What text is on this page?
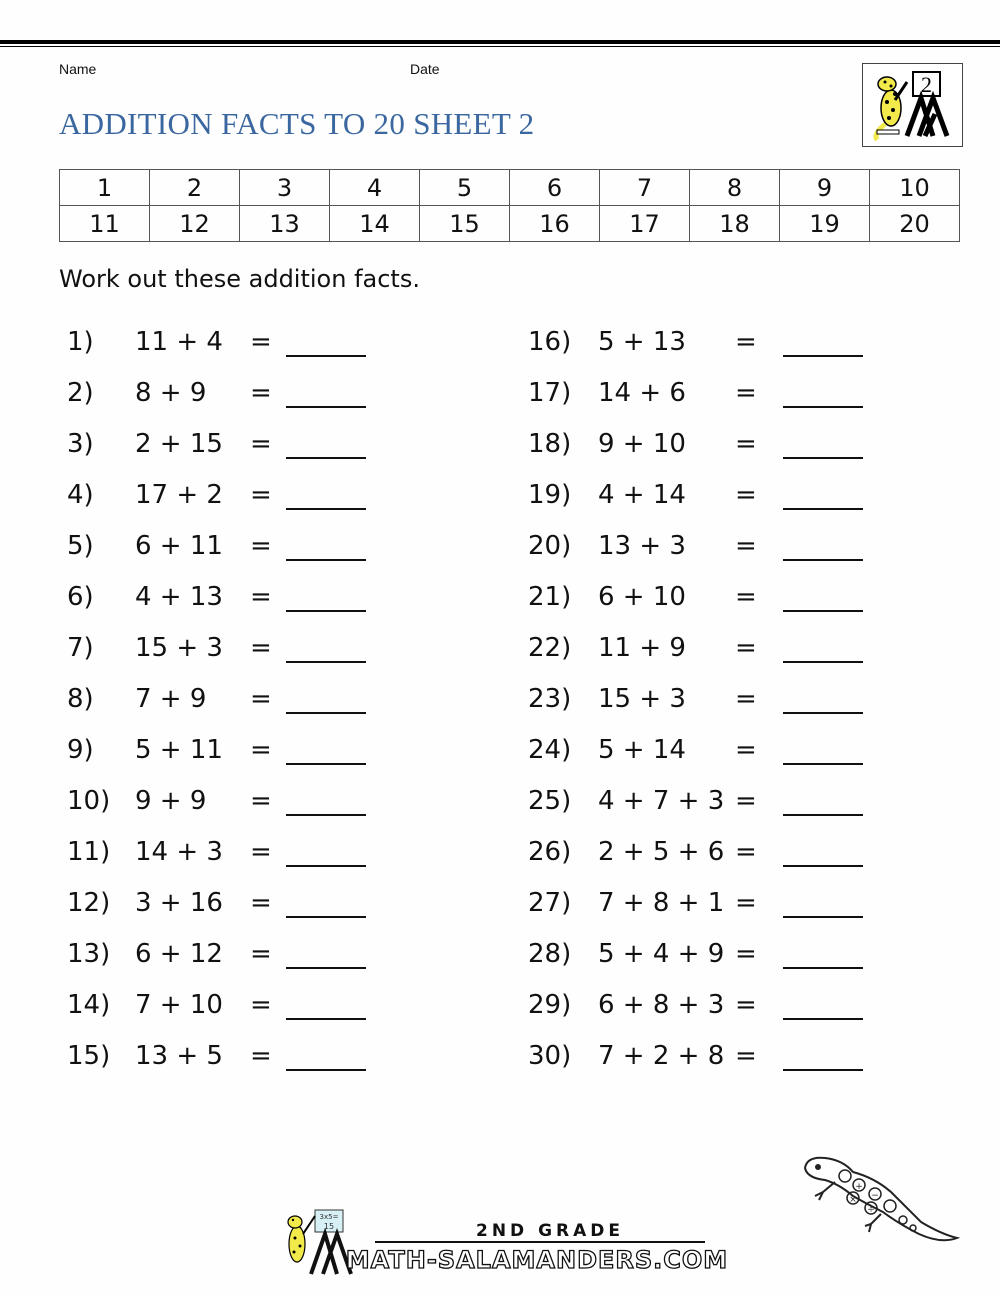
Name	Date
ADDITION FACTS TO 20 SHEET 2
2
1	2	3	4	5	6	7	8	9	10
11	12	13	14	15	16	17	18	19	20
Work out these addition facts.
1) 11 + 4 =
2) 8 + 9 =
3) 2 + 15 =
4) 17 + 2 =
5) 6 + 11 =
6) 4 + 13 =
7) 15 + 3 =
8) 7 + 9 =
9) 5 + 11 =
10) 9 + 9 =
11) 14 + 3 =
12) 3 + 16 =
13) 6 + 12 =
14) 7 + 10 =
15) 13 + 5 =
16) 5 + 13 =
17) 14 + 6 =
18) 9 + 10 =
19) 4 + 14 =
20) 13 + 3 =
21) 6 + 10 =
22) 11 + 9 =
23) 15 + 3 =
24) 5 + 14 =
25) 4 + 7 + 3 =
26) 2 + 5 + 6 =
27) 7 + 8 + 1 =
28) 5 + 4 + 9 =
29) 6 + 8 + 3 =
30) 7 + 2 + 8 =
3x5=
15	2ND GRADE
MATH-SALAMANDERS.COM
+
× −
÷
